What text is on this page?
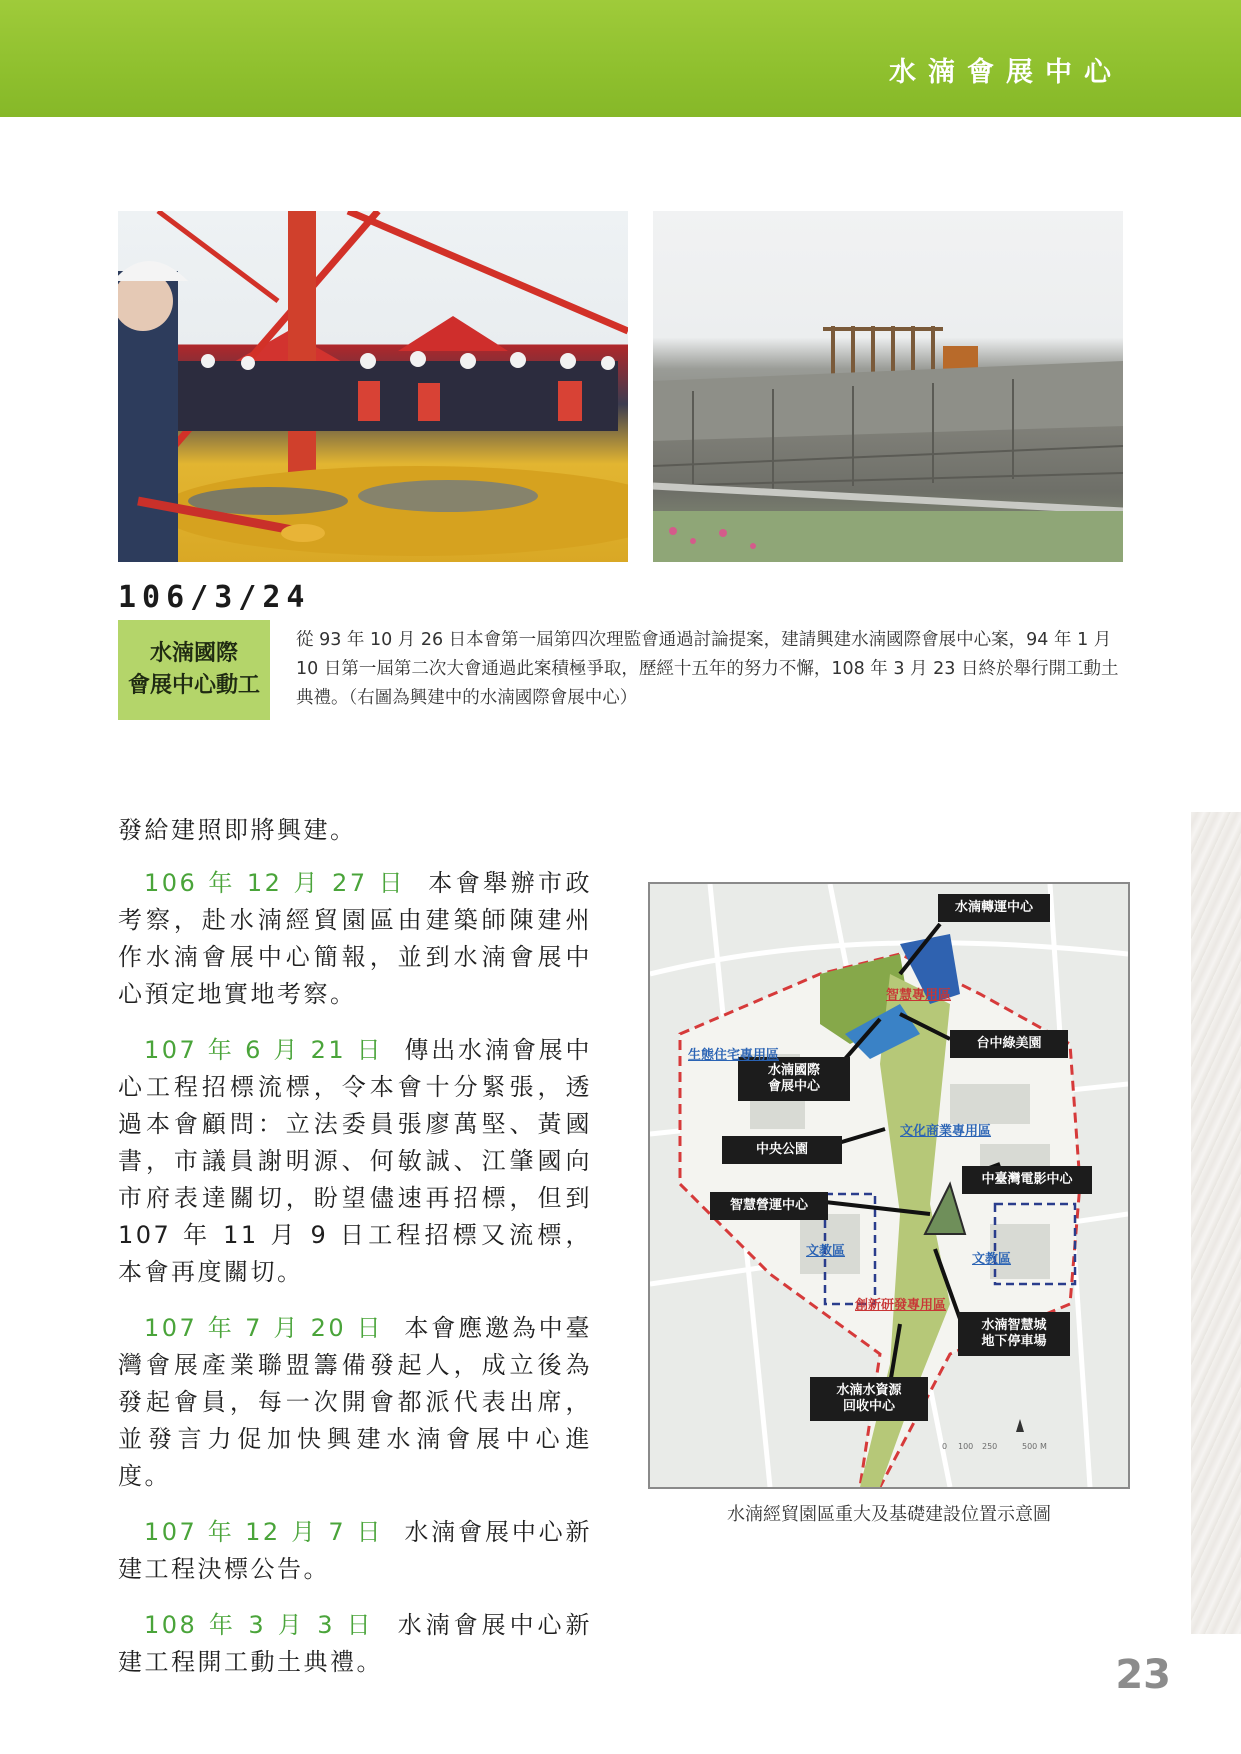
水湳會展中心
106/3/24
水湳國際
會展中心動工
從 93 年 10 月 26 日本會第一屆第四次理監會通過討論提案，建請興建水湳國際會展中心案，94 年 1 月 10 日第一屆第二次大會通過此案積極爭取，歷經十五年的努力不懈，108 年 3 月 23 日終於舉行開工動土典禮。（右圖為興建中的水湳國際會展中心）

發給建照即將興建。

106 年 12 月 27 日 本會舉辦市政考察，赴水湳經貿園區由建築師陳建州作水湳會展中心簡報，並到水湳會展中心預定地實地考察。

107 年 6 月 21 日 傳出水湳會展中心工程招標流標，令本會十分緊張，透過本會顧問：立法委員張廖萬堅、黃國書，市議員謝明源、何敏誠、江肇國向市府表達關切，盼望儘速再招標，但到 107 年 11 月 9 日工程招標又流標，本會再度關切。

107 年 7 月 20 日 本會應邀為中臺灣會展產業聯盟籌備發起人，成立後為發起會員，每一次開會都派代表出席，並發言力促加快興建水湳會展中心進度。

107 年 12 月 7 日 水湳會展中心新建工程決標公告。

108 年 3 月 3 日 水湳會展中心新建工程開工動土典禮。

0 100 250	500 M
水湳轉運中心
台中綠美園
水湳國際
會展中心
中央公園
中臺灣電影中心
智慧營運中心
水湳智慧城
地下停車場
水湳水資源
回收中心
智慧專用區
生態住宅專用區
文化商業專用區
文教區
文教區
創新研發專用區
水湳經貿園區重大及基礎建設位置示意圖
23
